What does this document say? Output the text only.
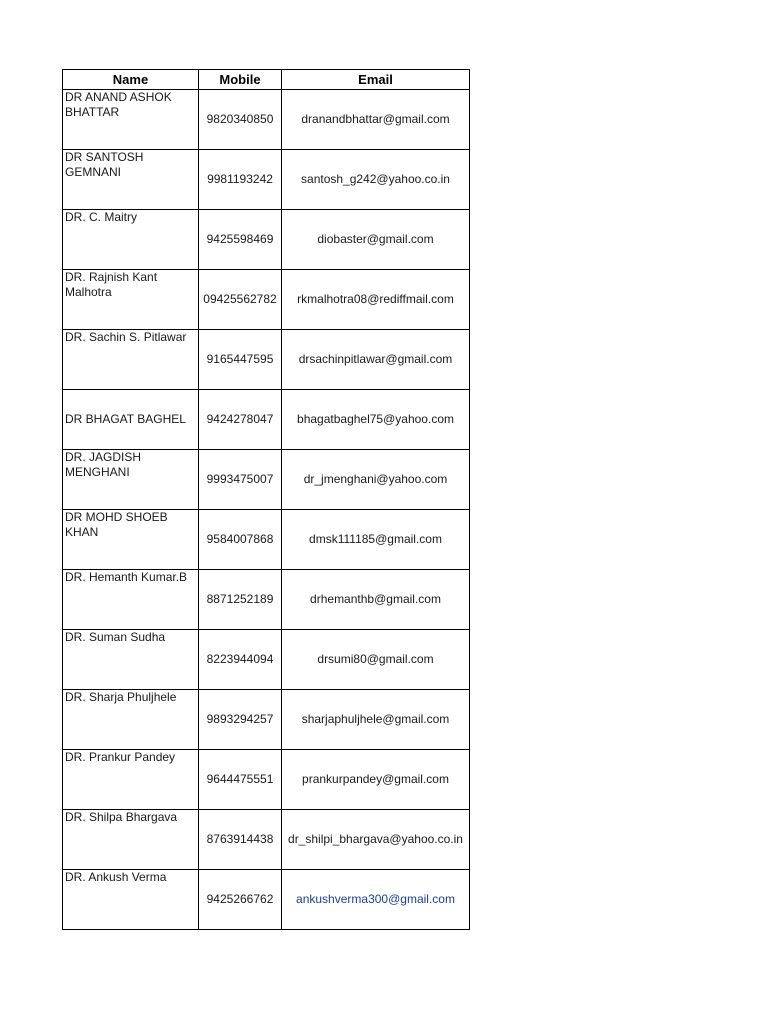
Name	Mobile	Email
DR ANAND ASHOK BHATTAR	9820340850	dranandbhattar@gmail.com
DR SANTOSH GEMNANI	9981193242	santosh_g242@yahoo.co.in
DR. C. Maitry	9425598469	diobaster@gmail.com
DR. Rajnish Kant Malhotra	09425562782	rkmalhotra08@rediffmail.com
DR. Sachin S. Pitlawar	9165447595	drsachinpitlawar@gmail.com
DR BHAGAT BAGHEL	9424278047	bhagatbaghel75@yahoo.com
DR. JAGDISH MENGHANI	9993475007	dr_jmenghani@yahoo.com
DR MOHD SHOEB KHAN	9584007868	dmsk111185@gmail.com
DR. Hemanth Kumar.B	8871252189	drhemanthb@gmail.com
DR. Suman Sudha	8223944094	drsumi80@gmail.com
DR. Sharja Phuljhele	9893294257	sharjaphuljhele@gmail.com
DR. Prankur Pandey	9644475551	prankurpandey@gmail.com
DR. Shilpa Bhargava	8763914438	dr_shilpi_bhargava@yahoo.co.in
DR. Ankush Verma	9425266762	ankushverma300@gmail.com
